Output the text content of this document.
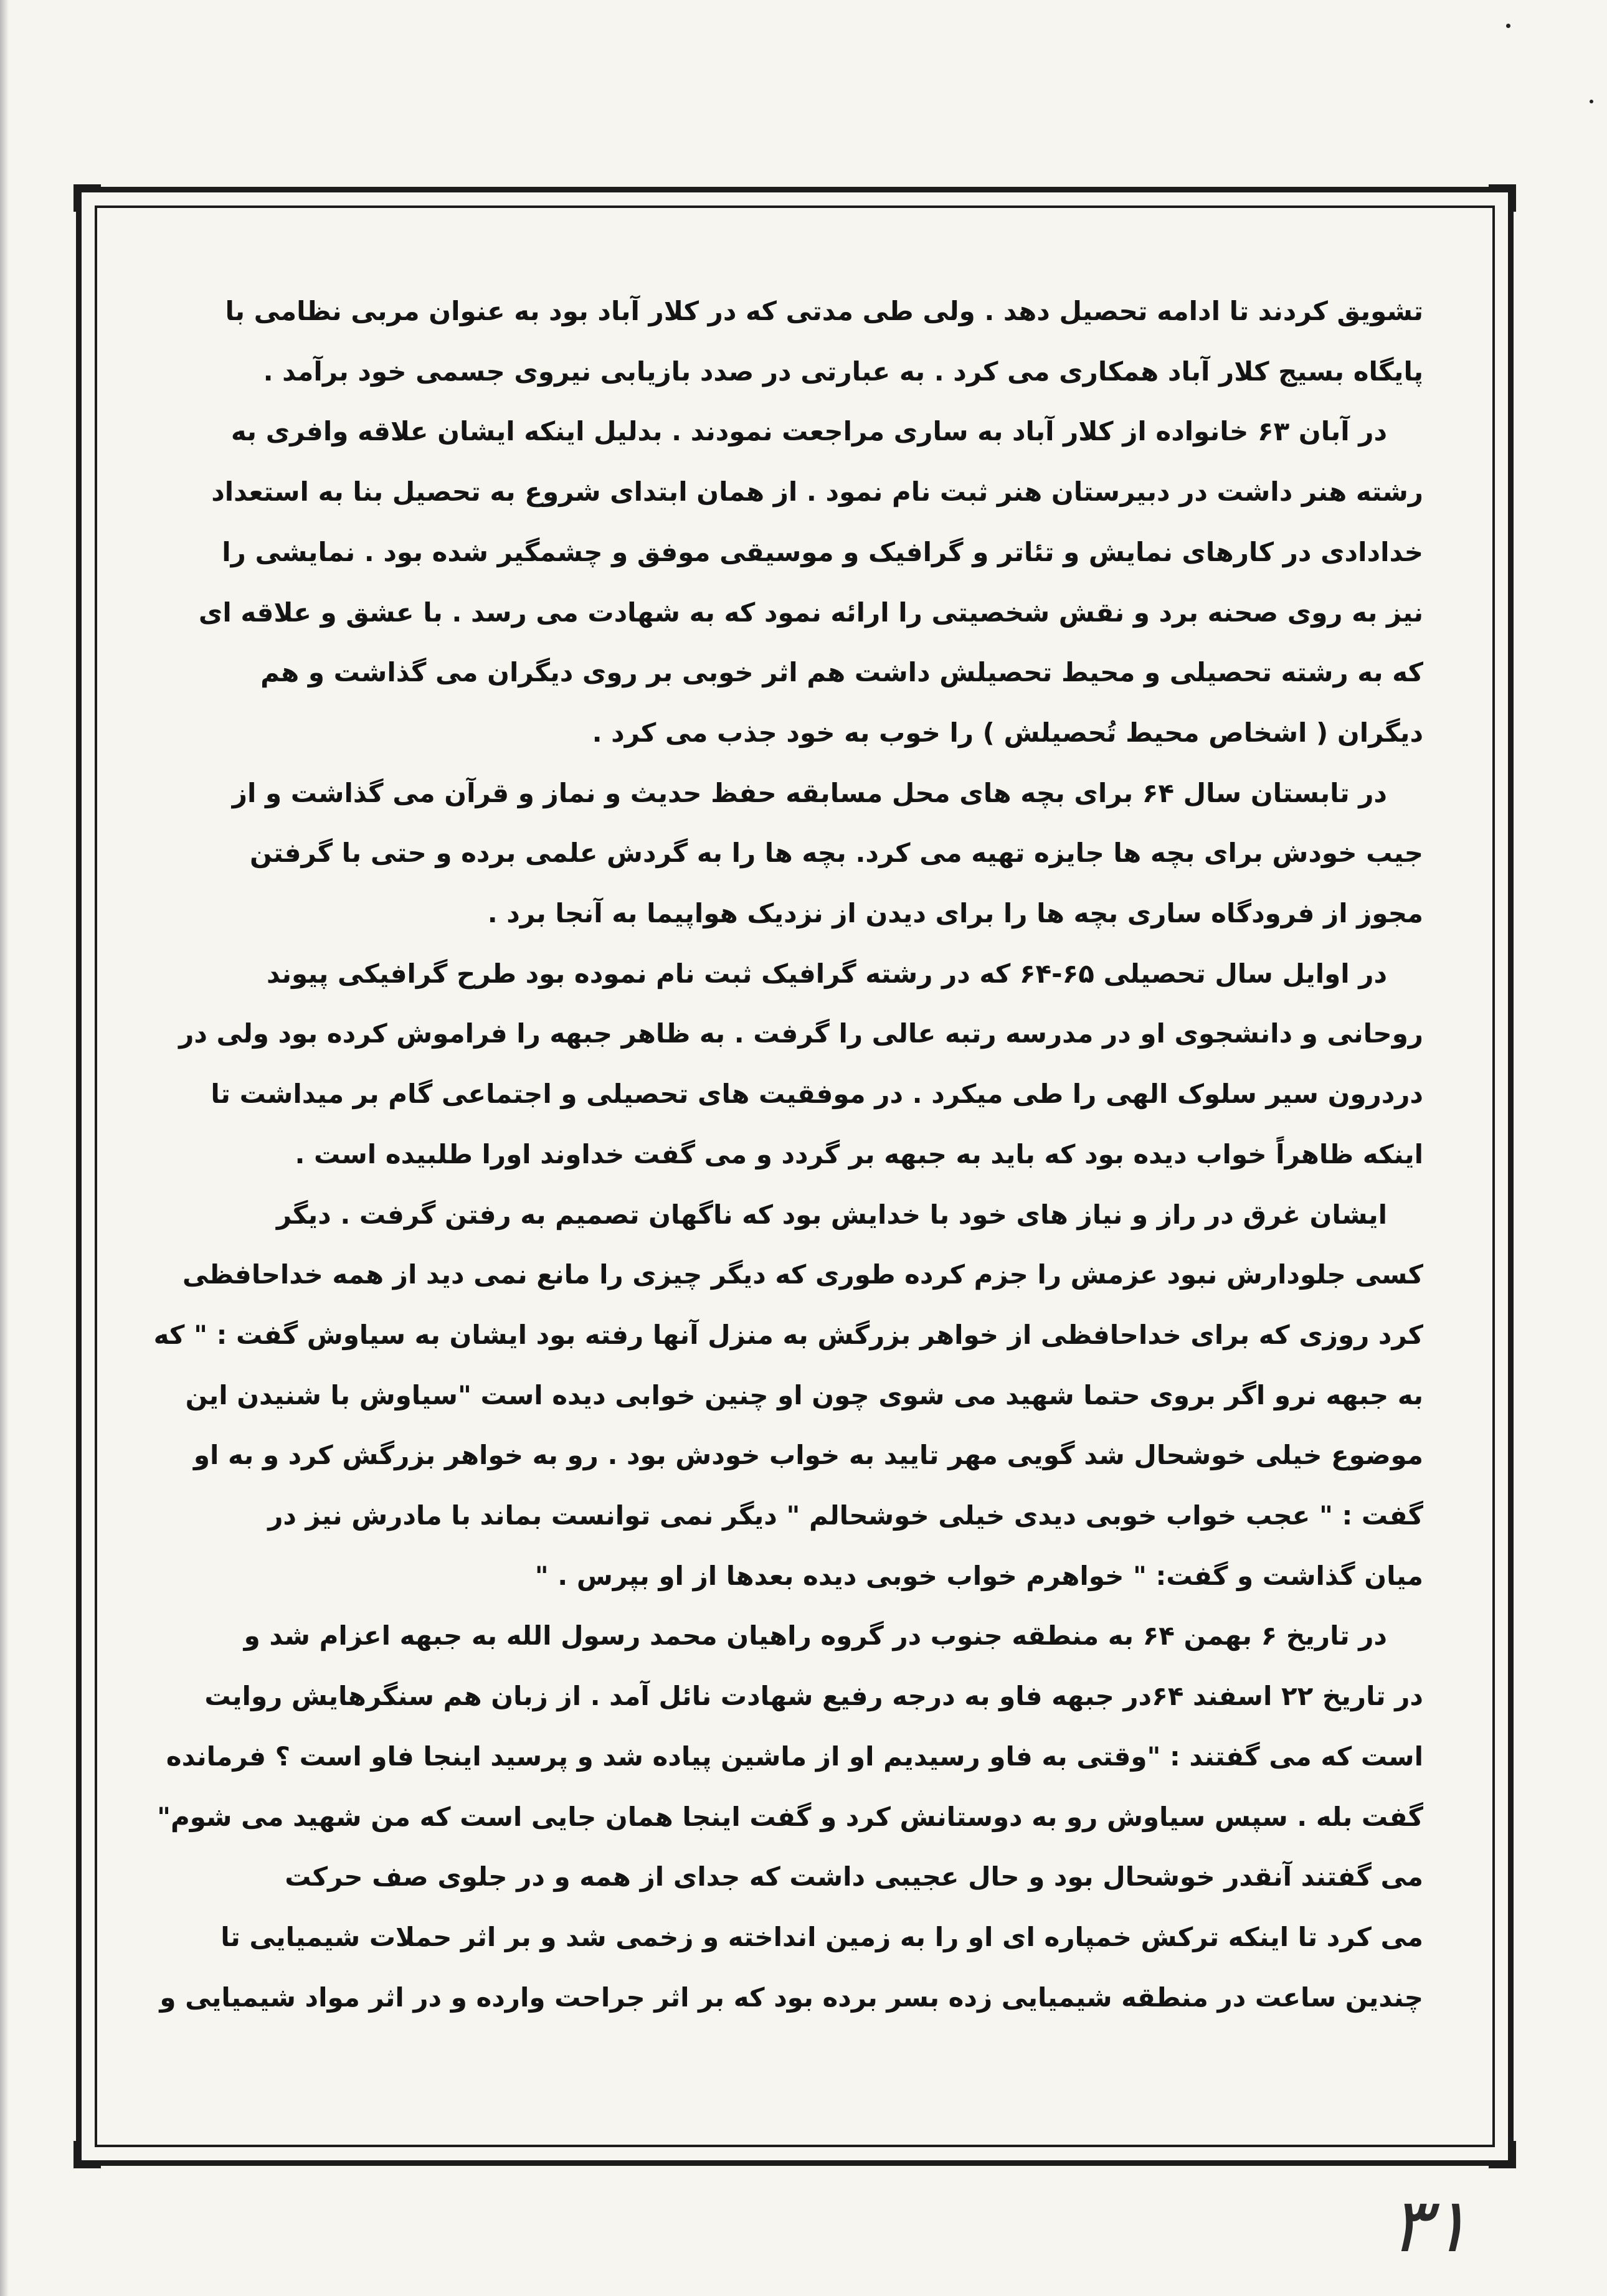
تشویق کردند تا ادامه تحصیل دهد . ولی طی مدتی که در کلار آباد بود به عنوان مربی نظامی با
پایگاه بسیج کلار آباد همکاری می کرد . به عبارتی در صدد بازیابی نیروی جسمی خود برآمد .

در آبان ۶۳ خانواده از کلار آباد به ساری مراجعت نمودند . بدلیل اینکه ایشان علاقه وافری به
رشته هنر داشت در دبیرستان هنر ثبت نام نمود . از همان ابتدای شروع به تحصیل بنا به استعداد
خدادادی در کارهای نمایش و تئاتر و گرافیک و موسیقی موفق و چشمگیر شده بود . نمایشی را
نیز به روی صحنه برد و نقش شخصیتی را ارائه نمود که به شهادت می رسد . با عشق و علاقه ای
که به رشته تحصیلی و محیط تحصیلش داشت هم اثر خوبی بر روی دیگران می گذاشت و هم
دیگران ( اشخاص محیط تُحصیلش ) را خوب به خود جذب می کرد .

در تابستان سال ۶۴ برای بچه های محل مسابقه حفظ حدیث و نماز و قرآن می گذاشت و از
جیب خودش برای بچه ها جایزه تهیه می کرد. بچه ها را به گردش علمی برده و حتی با گرفتن
مجوز از فرودگاه ساری بچه ها را برای دیدن از نزدیک هواپیما به آنجا برد .

در اوایل سال تحصیلی ۶۵-۶۴ که در رشته گرافیک ثبت نام نموده بود طرح گرافیکی پیوند
روحانی و دانشجوی او در مدرسه رتبه عالی را گرفت . به ظاهر جبهه را فراموش کرده بود ولی در
دردرون سیر سلوک الهی را طی میکرد . در موفقیت های تحصیلی و اجتماعی گام بر میداشت تا
اینکه ظاهراً خواب دیده بود که باید به جبهه بر گردد و می گفت خداوند اورا طلبیده است .

ایشان غرق در راز و نیاز های خود با خدایش بود که ناگهان تصمیم به رفتن گرفت . دیگر
کسی جلودارش نبود عزمش را جزم کرده طوری که دیگر چیزی را مانع نمی دید از همه خداحافظی
کرد روزی که برای خداحافظی از خواهر بزرگش به منزل آنها رفته بود ایشان به سیاوش گفت : " که
به جبهه نرو اگر بروی حتما شهید می شوی چون او چنین خوابی دیده است "سیاوش با شنیدن این
موضوع خیلی خوشحال شد گویی مهر تایید به خواب خودش بود . رو به خواهر بزرگش کرد و به او
گفت : " عجب خواب خوبی دیدی خیلی خوشحالم " دیگر نمی توانست بماند با مادرش نیز در
میان گذاشت و گفت: " خواهرم خواب خوبی دیده بعدها از او بپرس . "

در تاریخ ۶ بهمن ۶۴ به منطقه جنوب در گروه راهیان محمد رسول الله به جبهه اعزام شد و
در تاریخ ۲۲ اسفند ۶۴در جبهه فاو به درجه رفیع شهادت نائل آمد . از زبان هم سنگرهایش روایت
است که می گفتند : "وقتی به فاو رسیدیم او از ماشین پیاده شد و پرسید اینجا فاو است ؟ فرمانده
گفت بله . سپس سیاوش رو به دوستانش کرد و گفت اینجا همان جایی است که من شهید می شوم"
می گفتند آنقدر خوشحال بود و حال عجیبی داشت که جدای از همه و در جلوی صف حرکت
می کرد تا اینکه ترکش خمپاره ای او را به زمین انداخته و زخمی شد و بر اثر حملات شیمیایی تا
چندین ساعت در منطقه شیمیایی زده بسر برده بود که بر اثر جراحت وارده و در اثر مواد شیمیایی و

۳۱
